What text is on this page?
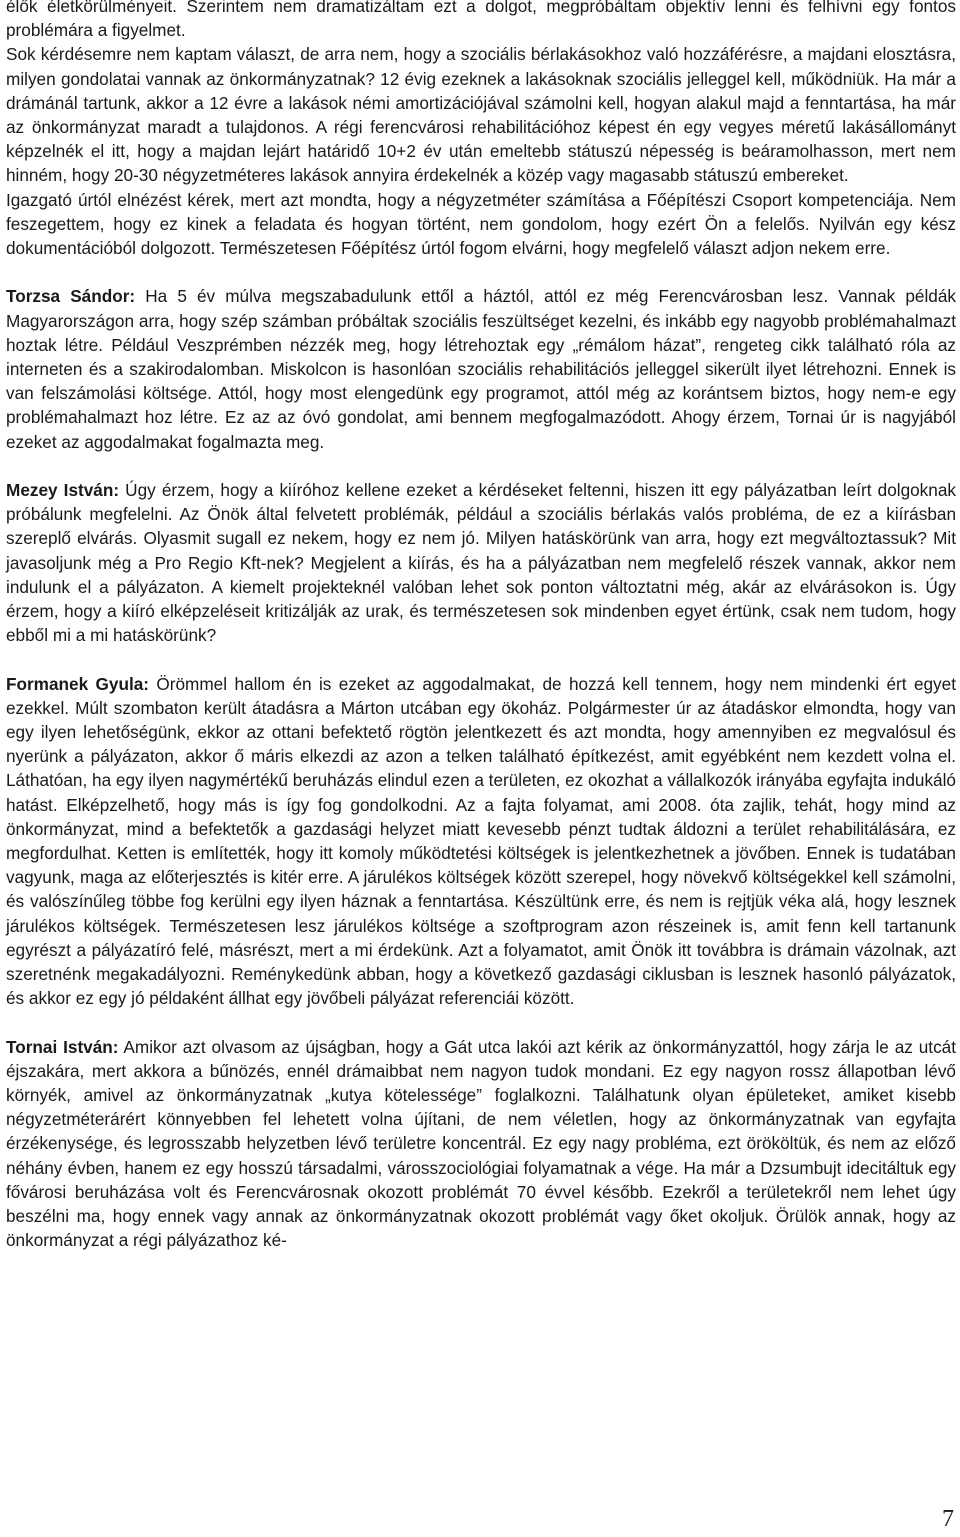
élők életkörülményeit. Szerintem nem dramatizáltam ezt a dolgot, megpróbáltam objektív lenni és felhívni egy fontos problémára a figyelmet.

Sok kérdésemre nem kaptam választ, de arra nem, hogy a szociális bérlakásokhoz való hozzáférésre, a majdani elosztásra, milyen gondolatai vannak az önkormányzatnak? 12 évig ezeknek a lakásoknak szociális jelleggel kell, működniük. Ha már a drámánál tartunk, akkor a 12 évre a lakások némi amortizációjával számolni kell, hogyan alakul majd a fenntartása, ha már az önkormányzat maradt a tulajdonos. A régi ferencvárosi rehabilitációhoz képest én egy vegyes méretű lakásállományt képzelnék el itt, hogy a majdan lejárt határidő 10+2 év után emeltebb státuszú népesség is beáramolhasson, mert nem hinném, hogy 20-30 négyzetméteres lakások annyira érdekelnék a közép vagy magasabb státuszú embereket.

Igazgató úrtól elnézést kérek, mert azt mondta, hogy a négyzetméter számítása a Főépítészi Csoport kompetenciája. Nem feszegettem, hogy ez kinek a feladata és hogyan történt, nem gondolom, hogy ezért Ön a felelős. Nyilván egy kész dokumentációból dolgozott. Természetesen Főépítész úrtól fogom elvárni, hogy megfelelő választ adjon nekem erre.

Torzsa Sándor: Ha 5 év múlva megszabadulunk ettől a háztól, attól ez még Ferencvárosban lesz. Vannak példák Magyarországon arra, hogy szép számban próbáltak szociális feszültséget kezelni, és inkább egy nagyobb problémahalmazt hoztak létre. Például Veszprémben nézzék meg, hogy létrehoztak egy „rémálom házat”, rengeteg cikk található róla az interneten és a szakirodalomban. Miskolcon is hasonlóan szociális rehabilitációs jelleggel sikerült ilyet létrehozni. Ennek is van felszámolási költsége. Attól, hogy most elengedünk egy programot, attól még az korántsem biztos, hogy nem-e egy problémahalmazt hoz létre. Ez az az óvó gondolat, ami bennem megfogalmazódott. Ahogy érzem, Tornai úr is nagyjából ezeket az aggodalmakat fogalmazta meg.

Mezey István: Úgy érzem, hogy a kiíróhoz kellene ezeket a kérdéseket feltenni, hiszen itt egy pályázatban leírt dolgoknak próbálunk megfelelni. Az Önök által felvetett problémák, például a szociális bérlakás valós probléma, de ez a kiírásban szereplő elvárás. Olyasmit sugall ez nekem, hogy ez nem jó. Milyen hatáskörünk van arra, hogy ezt megváltoztassuk? Mit javasoljunk még a Pro Regio Kft-nek? Megjelent a kiírás, és ha a pályázatban nem megfelelő részek vannak, akkor nem indulunk el a pályázaton. A kiemelt projekteknél valóban lehet sok ponton változtatni még, akár az elvárásokon is. Úgy érzem, hogy a kiíró elképzeléseit kritizálják az urak, és természetesen sok mindenben egyet értünk, csak nem tudom, hogy ebből mi a mi hatáskörünk?

Formanek Gyula: Örömmel hallom én is ezeket az aggodalmakat, de hozzá kell tennem, hogy nem mindenki ért egyet ezekkel. Múlt szombaton került átadásra a Márton utcában egy ökoház. Polgármester úr az átadáskor elmondta, hogy van egy ilyen lehetőségünk, ekkor az ottani befektető rögtön jelentkezett és azt mondta, hogy amennyiben ez megvalósul és nyerünk a pályázaton, akkor ő máris elkezdi az azon a telken található építkezést, amit egyébként nem kezdett volna el. Láthatóan, ha egy ilyen nagymértékű beruházás elindul ezen a területen, ez okozhat a vállalkozók irányába egyfajta indukáló hatást. Elképzelhető, hogy más is így fog gondolkodni. Az a fajta folyamat, ami 2008. óta zajlik, tehát, hogy mind az önkormányzat, mind a befektetők a gazdasági helyzet miatt kevesebb pénzt tudtak áldozni a terület rehabilitálására, ez megfordulhat. Ketten is említették, hogy itt komoly működtetési költségek is jelentkezhetnek a jövőben. Ennek is tudatában vagyunk, maga az előterjesztés is kitér erre. A járulékos költségek között szerepel, hogy növekvő költségekkel kell számolni, és valószínűleg többe fog kerülni egy ilyen háznak a fenntartása. Készültünk erre, és nem is rejtjük véka alá, hogy lesznek járulékos költségek. Természetesen lesz járulékos költsége a szoftprogram azon részeinek is, amit fenn kell tartanunk egyrészt a pályázatíró felé, másrészt, mert a mi érdekünk. Azt a folyamatot, amit Önök itt továbbra is drámain vázolnak, azt szeretnénk megakadályozni. Reménykedünk abban, hogy a következő gazdasági ciklusban is lesznek hasonló pályázatok, és akkor ez egy jó példaként állhat egy jövőbeli pályázat referenciái között.

Tornai István: Amikor azt olvasom az újságban, hogy a Gát utca lakói azt kérik az önkormányzattól, hogy zárja le az utcát éjszakára, mert akkora a bűnözés, ennél drámaibbat nem nagyon tudok mondani. Ez egy nagyon rossz állapotban lévő környék, amivel az önkormányzatnak „kutya kötelessége” foglalkozni. Találhatunk olyan épületeket, amiket kisebb négyzetméterárért könnyebben fel lehetett volna újítani, de nem véletlen, hogy az önkormányzatnak van egyfajta érzékenysége, és legrosszabb helyzetben lévő területre koncentrál. Ez egy nagy probléma, ezt örököltük, és nem az előző néhány évben, hanem ez egy hosszú társadalmi, városszociológiai folyamatnak a vége. Ha már a Dzsumbujt idecitáltuk egy fővárosi beruházása volt és Ferencvárosnak okozott problémát 70 évvel később. Ezekről a területekről nem lehet úgy beszélni ma, hogy ennek vagy annak az önkormányzatnak okozott problémát vagy őket okoljuk. Örülök annak, hogy az önkormányzat a régi pályázathoz ké-

7
